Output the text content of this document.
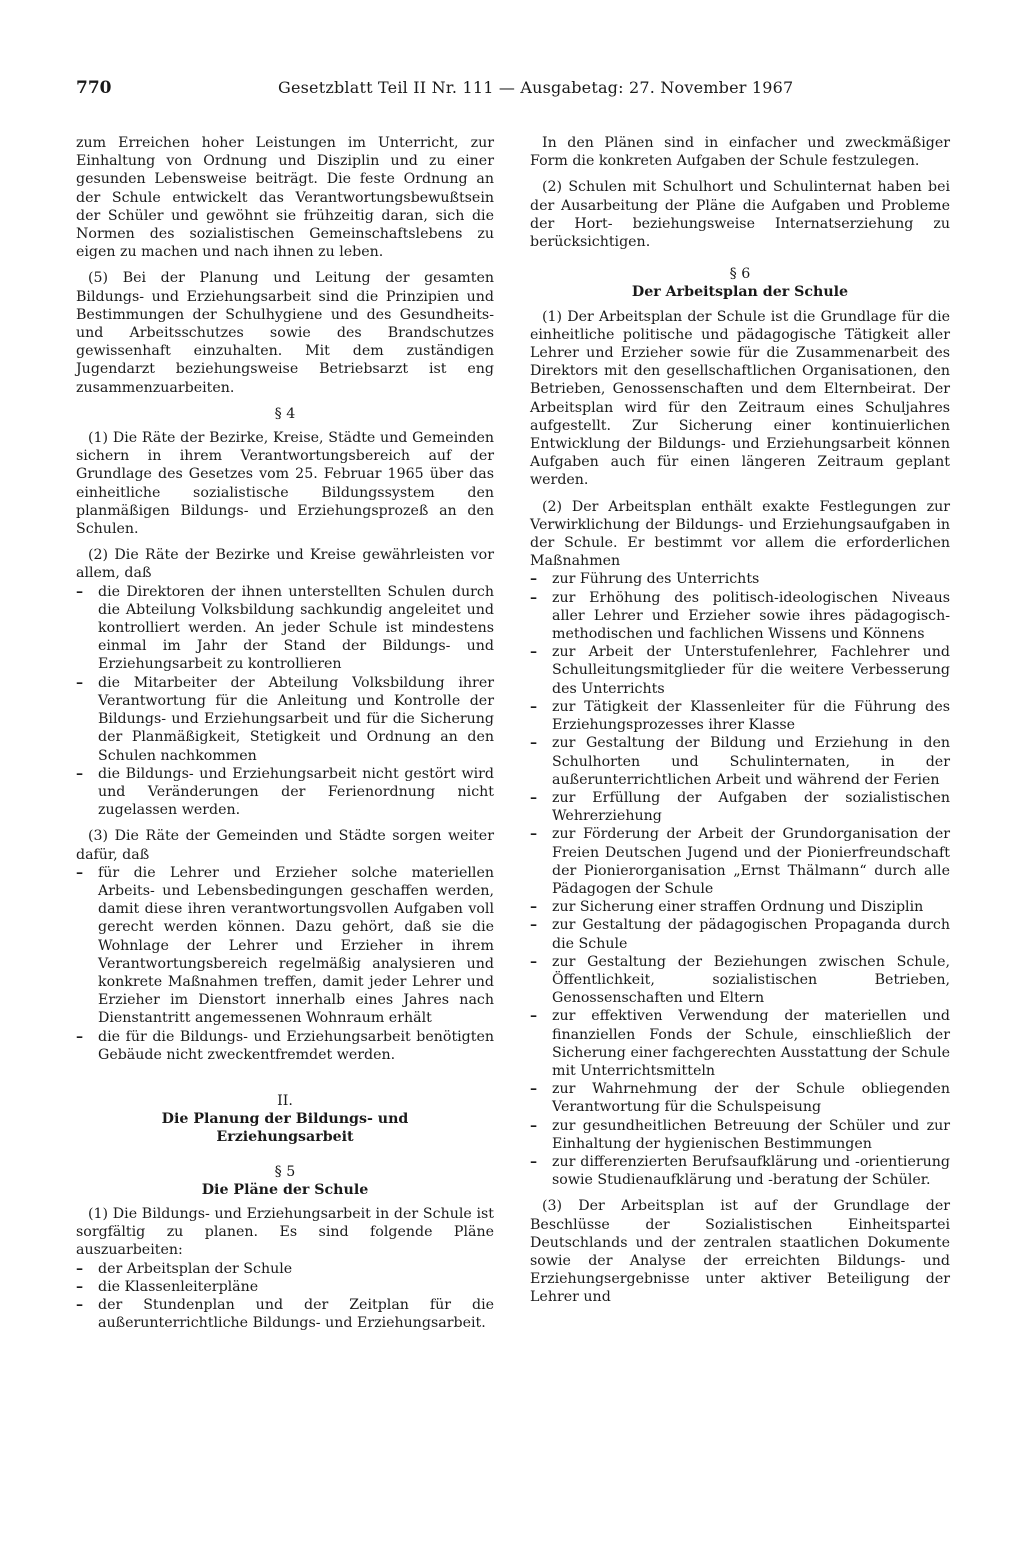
770	Gesetzblatt Teil II Nr. 111 — Ausgabetag: 27. November 1967

zum Erreichen hoher Leistungen im Unterricht, zur Einhaltung von Ordnung und Disziplin und zu einer gesunden Lebensweise beiträgt. Die feste Ordnung an der Schule entwickelt das Verantwortungsbewußtsein der Schüler und gewöhnt sie frühzeitig daran, sich die Normen des sozialistischen Gemeinschaftslebens zu eigen zu machen und nach ihnen zu leben.

(5) Bei der Planung und Leitung der gesamten Bildungs- und Erziehungsarbeit sind die Prinzipien und Bestimmungen der Schulhygiene und des Gesundheits- und Arbeitsschutzes sowie des Brandschutzes gewissenhaft einzuhalten. Mit dem zuständigen Jugendarzt beziehungsweise Betriebsarzt ist eng zusammenzuarbeiten.

§ 4

(1) Die Räte der Bezirke, Kreise, Städte und Gemeinden sichern in ihrem Verantwortungsbereich auf der Grundlage des Gesetzes vom 25. Februar 1965 über das einheitliche sozialistische Bildungssystem den planmäßigen Bildungs- und Erziehungsprozeß an den Schulen.

(2) Die Räte der Bezirke und Kreise gewährleisten vor allem, daß

–	die Direktoren der ihnen unterstellten Schulen durch die Abteilung Volksbildung sachkundig angeleitet und kontrolliert werden. An jeder Schule ist mindestens einmal im Jahr der Stand der Bildungs- und Erziehungsarbeit zu kontrollieren
–	die Mitarbeiter der Abteilung Volksbildung ihrer Verantwortung für die Anleitung und Kontrolle der Bildungs- und Erziehungsarbeit und für die Sicherung der Planmäßigkeit, Stetigkeit und Ordnung an den Schulen nachkommen
–	die Bildungs- und Erziehungsarbeit nicht gestört wird und Veränderungen der Ferienordnung nicht zugelassen werden.

(3) Die Räte der Gemeinden und Städte sorgen weiter dafür, daß

–	für die Lehrer und Erzieher solche materiellen Arbeits- und Lebensbedingungen geschaffen werden, damit diese ihren verantwortungsvollen Aufgaben voll gerecht werden können. Dazu gehört, daß sie die Wohnlage der Lehrer und Erzieher in ihrem Verantwortungsbereich regelmäßig analysieren und konkrete Maßnahmen treffen, damit jeder Lehrer und Erzieher im Dienstort innerhalb eines Jahres nach Dienstantritt angemessenen Wohnraum erhält
–	die für die Bildungs- und Erziehungsarbeit benötigten Gebäude nicht zweckentfremdet werden.
II.
Die Planung der Bildungs- und Erziehungsarbeit
§ 5
Die Pläne der Schule

(1) Die Bildungs- und Erziehungsarbeit in der Schule ist sorgfältig zu planen. Es sind folgende Pläne auszuarbeiten:

–	der Arbeitsplan der Schule
–	die Klassenleiterpläne
–	der Stundenplan und der Zeitplan für die außerunterrichtliche Bildungs- und Erziehungsarbeit.

In den Plänen sind in einfacher und zweckmäßiger Form die konkreten Aufgaben der Schule festzulegen.

(2) Schulen mit Schulhort und Schulinternat haben bei der Ausarbeitung der Pläne die Aufgaben und Probleme der Hort- beziehungsweise Internatserziehung zu berücksichtigen.

§ 6
Der Arbeitsplan der Schule

(1) Der Arbeitsplan der Schule ist die Grundlage für die einheitliche politische und pädagogische Tätigkeit aller Lehrer und Erzieher sowie für die Zusammenarbeit des Direktors mit den gesellschaftlichen Organisationen, den Betrieben, Genossenschaften und dem Elternbeirat. Der Arbeitsplan wird für den Zeitraum eines Schuljahres aufgestellt. Zur Sicherung einer kontinuierlichen Entwicklung der Bildungs- und Erziehungsarbeit können Aufgaben auch für einen längeren Zeitraum geplant werden.

(2) Der Arbeitsplan enthält exakte Festlegungen zur Verwirklichung der Bildungs- und Erziehungsaufgaben in der Schule. Er bestimmt vor allem die erforderlichen Maßnahmen

–	zur Führung des Unterrichts
–	zur Erhöhung des politisch-ideologischen Niveaus aller Lehrer und Erzieher sowie ihres pädagogisch-methodischen und fachlichen Wissens und Könnens
–	zur Arbeit der Unterstufenlehrer, Fachlehrer und Schulleitungsmitglieder für die weitere Verbesserung des Unterrichts
–	zur Tätigkeit der Klassenleiter für die Führung des Erziehungsprozesses ihrer Klasse
–	zur Gestaltung der Bildung und Erziehung in den Schulhorten und Schulinternaten, in der außerunterrichtlichen Arbeit und während der Ferien
–	zur Erfüllung der Aufgaben der sozialistischen Wehrerziehung
–	zur Förderung der Arbeit der Grundorganisation der Freien Deutschen Jugend und der Pionierfreundschaft der Pionierorganisation „Ernst Thälmann“ durch alle Pädagogen der Schule
–	zur Sicherung einer straffen Ordnung und Disziplin
–	zur Gestaltung der pädagogischen Propaganda durch die Schule
–	zur Gestaltung der Beziehungen zwischen Schule, Öffentlichkeit, sozialistischen Betrieben, Genossenschaften und Eltern
–	zur effektiven Verwendung der materiellen und finanziellen Fonds der Schule, einschließlich der Sicherung einer fachgerechten Ausstattung der Schule mit Unterrichtsmitteln
–	zur Wahrnehmung der der Schule obliegenden Verantwortung für die Schulspeisung
–	zur gesundheitlichen Betreuung der Schüler und zur Einhaltung der hygienischen Bestimmungen
–	zur differenzierten Berufsaufklärung und -orientierung sowie Studienaufklärung und -beratung der Schüler.

(3) Der Arbeitsplan ist auf der Grundlage der Beschlüsse der Sozialistischen Einheitspartei Deutschlands und der zentralen staatlichen Dokumente sowie der Analyse der erreichten Bildungs- und Erziehungsergebnisse unter aktiver Beteiligung der Lehrer und
